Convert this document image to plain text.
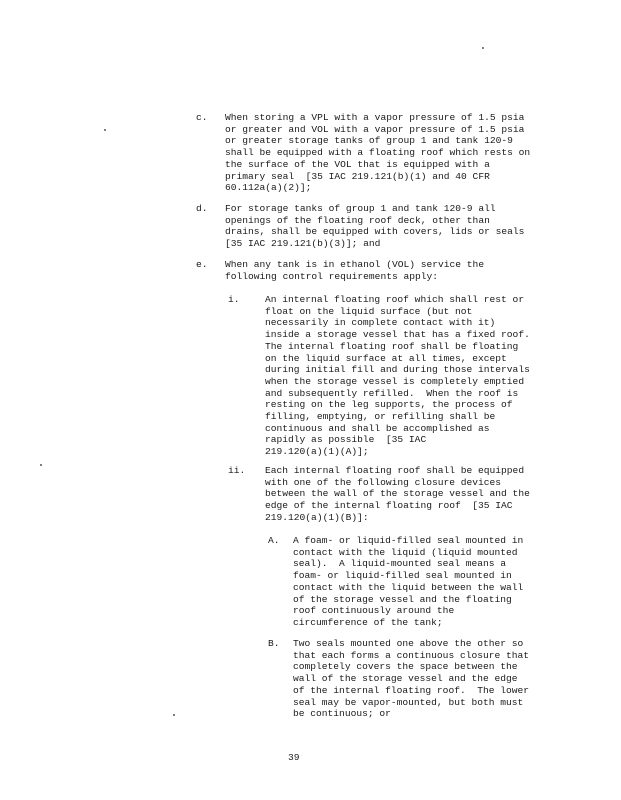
c. When storing a VPL with a vapor pressure of 1.5 psia
or greater and VOL with a vapor pressure of 1.5 psia
or greater storage tanks of group 1 and tank 120-9
shall be equipped with a floating roof which rests on
the surface of the VOL that is equipped with a
primary seal  [35 IAC 219.121(b)(1) and 40 CFR
60.112a(a)(2)];
d. For storage tanks of group 1 and tank 120-9 all
openings of the floating roof deck, other than
drains, shall be equipped with covers, lids or seals
[35 IAC 219.121(b)(3)]; and
e. When any tank is in ethanol (VOL) service the
following control requirements apply:
i.	An internal floating roof which shall rest or
float on the liquid surface (but not
necessarily in complete contact with it)
inside a storage vessel that has a fixed roof.
The internal floating roof shall be floating
on the liquid surface at all times, except
during initial fill and during those intervals
when the storage vessel is completely emptied
and subsequently refilled.  When the roof is
resting on the leg supports, the process of
filling, emptying, or refilling shall be
continuous and shall be accomplished as
rapidly as possible  [35 IAC
219.120(a)(1)(A)];
ii. Each internal floating roof shall be equipped
with one of the following closure devices
between the wall of the storage vessel and the
edge of the internal floating roof  [35 IAC
219.120(a)(1)(B)]:
A. A foam- or liquid-filled seal mounted in
contact with the liquid (liquid mounted
seal).  A liquid-mounted seal means a
foam- or liquid-filled seal mounted in
contact with the liquid between the wall
of the storage vessel and the floating
roof continuously around the
circumference of the tank;
B. Two seals mounted one above the other so
that each forms a continuous closure that
completely covers the space between the
wall of the storage vessel and the edge
of the internal floating roof.  The lower
seal may be vapor-mounted, but both must
be continuous; or
39
